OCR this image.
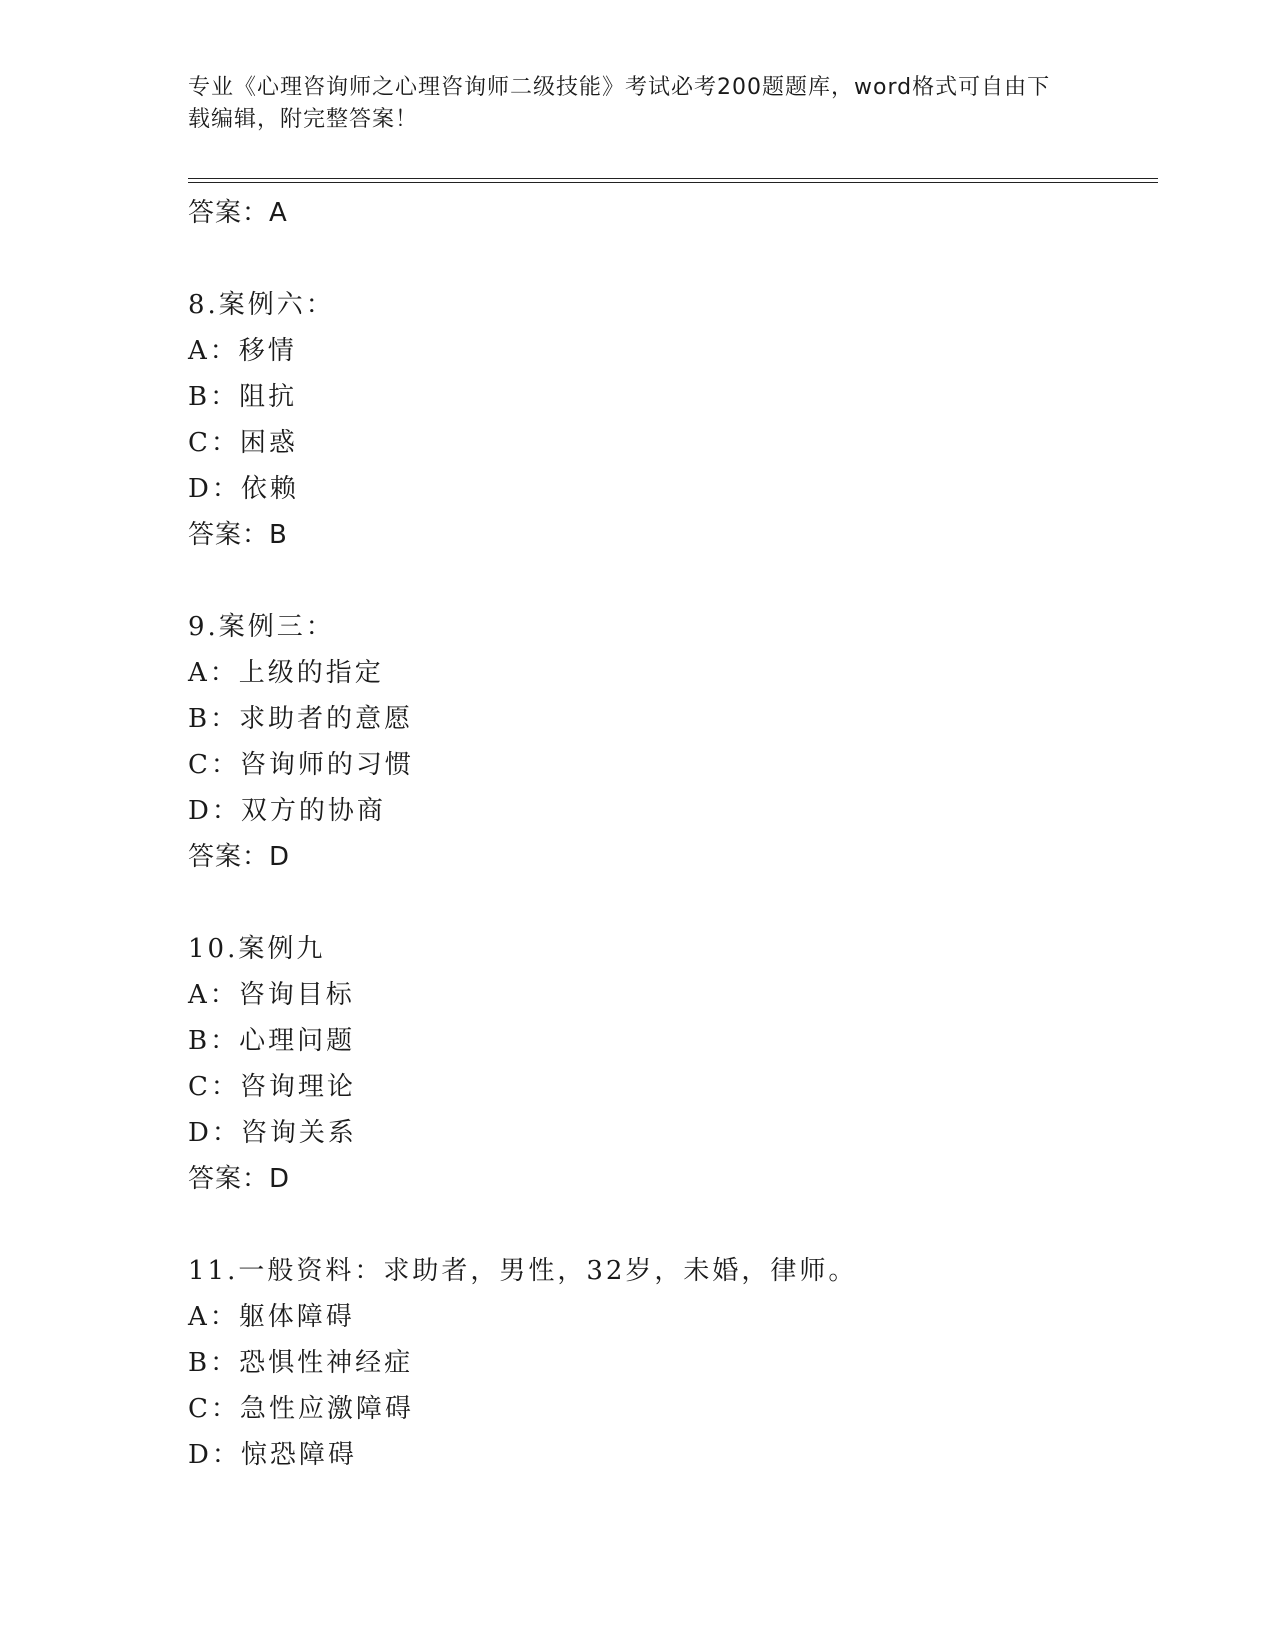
专业《心理咨询师之心理咨询师二级技能》考试必考200题题库，word格式可自由下载编辑，附完整答案！
答案：A
8.案例六：
A：移情
B：阻抗
C：困惑
D：依赖
答案：B
9.案例三：
A：上级的指定
B：求助者的意愿
C：咨询师的习惯
D：双方的协商
答案：D
10.案例九
A：咨询目标
B：心理问题
C：咨询理论
D：咨询关系
答案：D
11.一般资料：求助者，男性，32岁，未婚，律师。
A：躯体障碍
B：恐惧性神经症
C：急性应激障碍
D：惊恐障碍
